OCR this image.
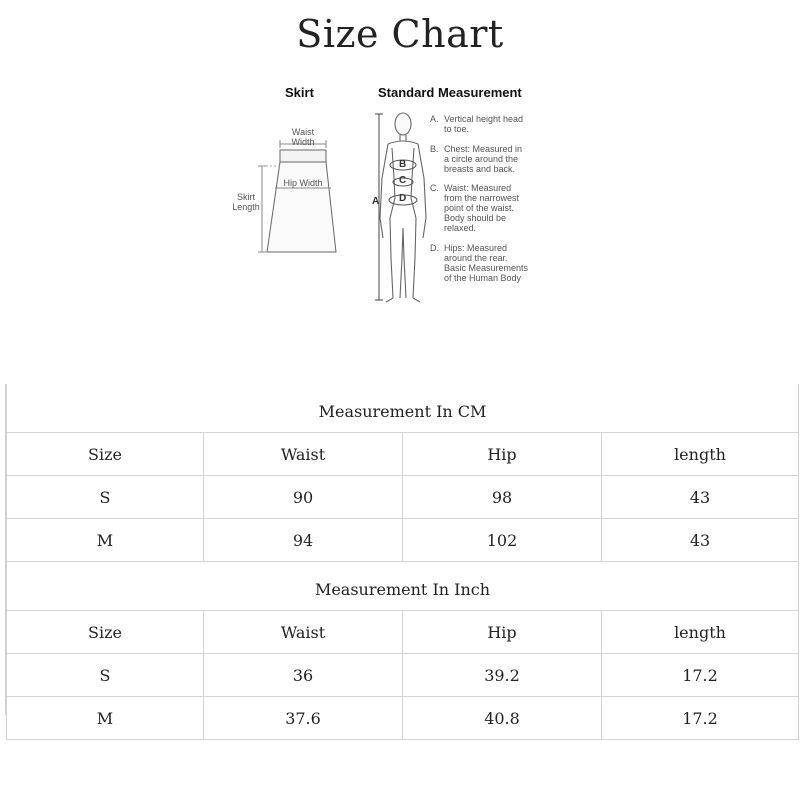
Size Chart
Skirt	Standard Measurement
Waist
Width
Hip Width
Skirt
Length
B
C
D
A
A. Vertical height head
to toe.
B. Chest: Measured in
a circle around the
breasts and back.
C. Waist: Measured
from the narrowest
point of the waist.
Body should be
relaxed.
D. Hips: Measured
around the rear.
Basic Measurements
of the Human Body
Measurement In CM			
Size	Waist	Hip	length
S	90	98	43
M	94	102	43
Measurement In Inch			
Size	Waist	Hip	length
S	36	39.2	17.2
M	37.6	40.8	17.2
